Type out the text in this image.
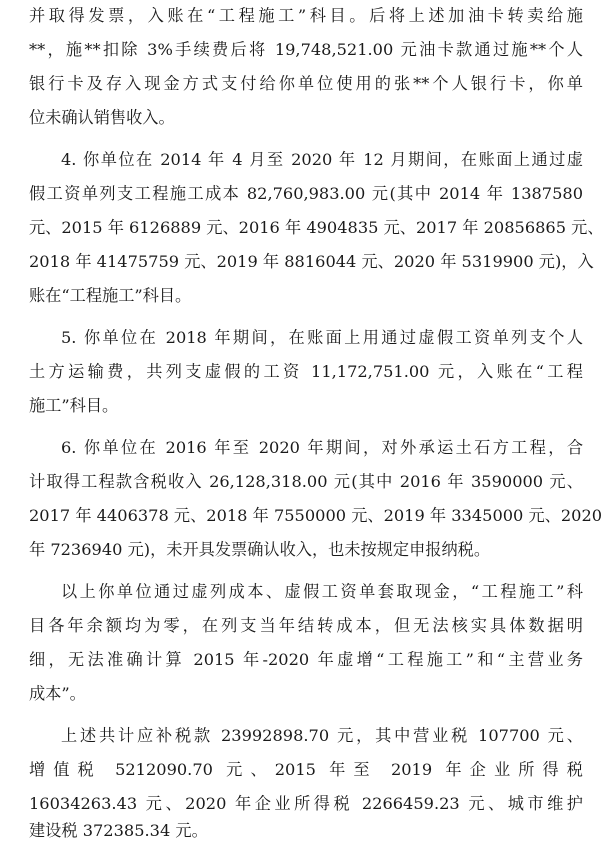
并取得发票，入账在“工程施工”科目。后将上述加油卡转卖给施
**，施**扣除 3%手续费后将 19,748,521.00 元油卡款通过施**个人
银行卡及存入现金方式支付给你单位使用的张**个人银行卡，你单
位未确认销售收入。
4. 你单位在 2014 年 4 月至 2020 年 12 月期间，在账面上通过虚
假工资单列支工程施工成本 82,760,983.00 元(其中 2014 年 1387580
元、2015 年 6126889 元、2016 年 4904835 元、2017 年 20856865 元、
2018 年 41475759 元、2019 年 8816044 元、2020 年 5319900 元)，入
账在“工程施工”科目。
5. 你单位在 2018 年期间，在账面上用通过虚假工资单列支个人
土方运输费，共列支虚假的工资 11,172,751.00 元，入账在“工程
施工”科目。
6. 你单位在 2016 年至 2020 年期间，对外承运土石方工程，合
计取得工程款含税收入 26,128,318.00 元(其中 2016 年 3590000 元、
2017 年 4406378 元、2018 年 7550000 元、2019 年 3345000 元、2020
年 7236940 元)，未开具发票确认收入，也未按规定申报纳税。
以上你单位通过虚列成本、虚假工资单套取现金，“工程施工”科
目各年余额均为零，在列支当年结转成本，但无法核实具体数据明
细，无法准确计算 2015 年-2020 年虚增“工程施工”和“主营业务
成本”。
上述共计应补税款 23992898.70 元，其中营业税 107700 元、
增值税 5212090.70 元、2015 年至 2019 年企业所得税
16034263.43 元、2020 年企业所得税 2266459.23 元、城市维护
建设税 372385.34 元。
